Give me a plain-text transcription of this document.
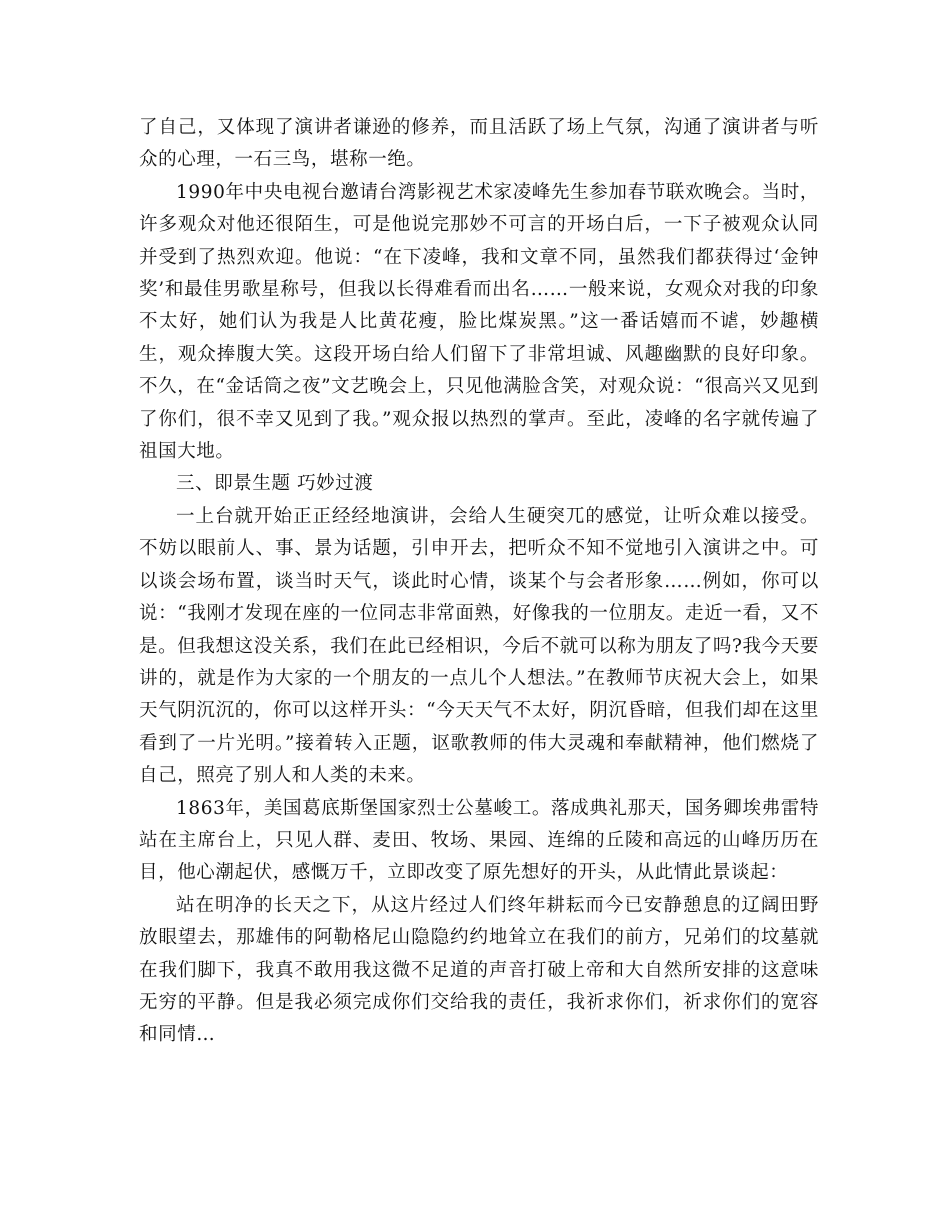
了自己，又体现了演讲者谦逊的修养，而且活跃了场上气氛，沟通了演讲者与听众的心理，一石三鸟，堪称一绝。

1990年中央电视台邀请台湾影视艺术家凌峰先生参加春节联欢晚会。当时，许多观众对他还很陌生，可是他说完那妙不可言的开场白后，一下子被观众认同并受到了热烈欢迎。他说：“在下凌峰，我和文章不同，虽然我们都获得过‘金钟奖’和最佳男歌星称号，但我以长得难看而出名……一般来说，女观众对我的印象不太好，她们认为我是人比黄花瘦，脸比煤炭黑。”这一番话嬉而不谑，妙趣横生，观众捧腹大笑。这段开场白给人们留下了非常坦诚、风趣幽默的良好印象。不久，在“金话筒之夜”文艺晚会上，只见他满脸含笑，对观众说：“很高兴又见到了你们，很不幸又见到了我。”观众报以热烈的掌声。至此，凌峰的名字就传遍了祖国大地。

三、即景生题 巧妙过渡

一上台就开始正正经经地演讲，会给人生硬突兀的感觉，让听众难以接受。不妨以眼前人、事、景为话题，引申开去，把听众不知不觉地引入演讲之中。可以谈会场布置，谈当时天气，谈此时心情，谈某个与会者形象……例如，你可以说：“我刚才发现在座的一位同志非常面熟，好像我的一位朋友。走近一看，又不是。但我想这没关系，我们在此已经相识，今后不就可以称为朋友了吗?我今天要讲的，就是作为大家的一个朋友的一点儿个人想法。”在教师节庆祝大会上，如果天气阴沉沉的，你可以这样开头：“今天天气不太好，阴沉昏暗，但我们却在这里看到了一片光明。”接着转入正题，讴歌教师的伟大灵魂和奉献精神，他们燃烧了自己，照亮了别人和人类的未来。

1863年，美国葛底斯堡国家烈士公墓峻工。落成典礼那天，国务卿埃弗雷特站在主席台上，只见人群、麦田、牧场、果园、连绵的丘陵和高远的山峰历历在目，他心潮起伏，感慨万千，立即改变了原先想好的开头，从此情此景谈起：

站在明净的长天之下，从这片经过人们终年耕耘而今已安静憩息的辽阔田野放眼望去，那雄伟的阿勒格尼山隐隐约约地耸立在我们的前方，兄弟们的坟墓就在我们脚下，我真不敢用我这微不足道的声音打破上帝和大自然所安排的这意味无穷的平静。但是我必须完成你们交给我的责任，我祈求你们，祈求你们的宽容和同情…
